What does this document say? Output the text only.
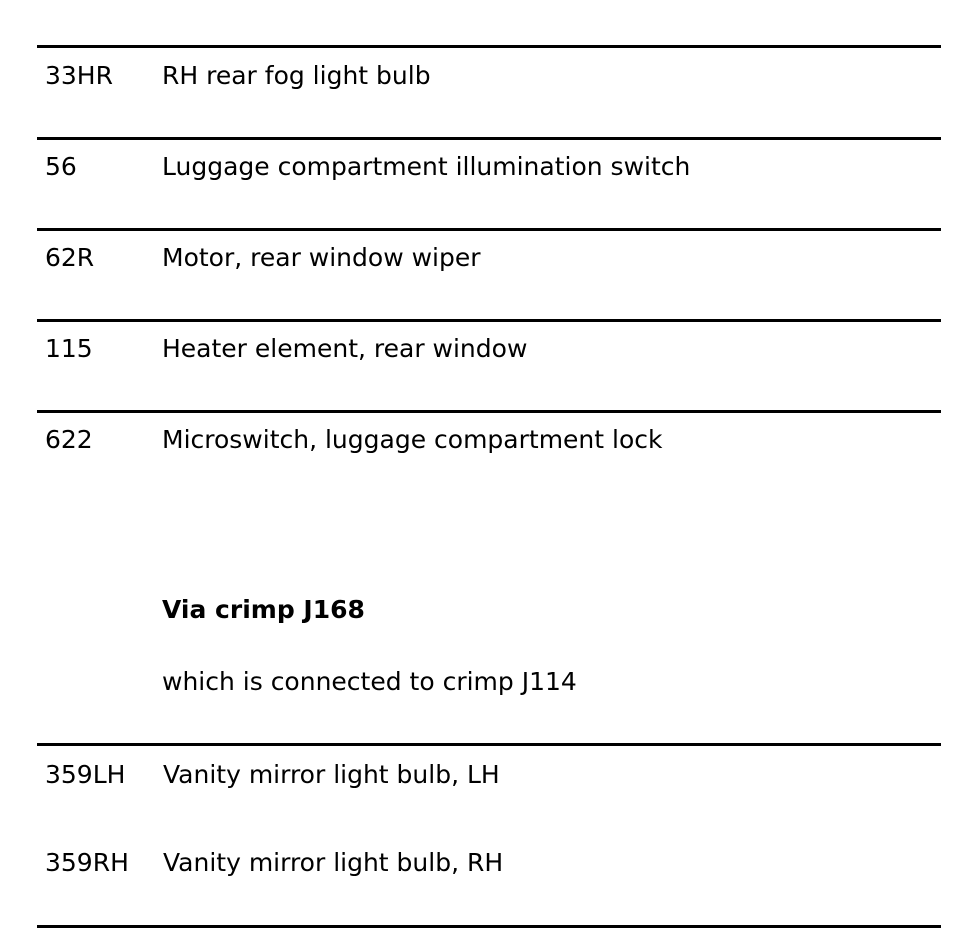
33HR RH rear fog light bulb
56	Luggage compartment illumination switch
62R	Motor, rear window wiper
115	Heater element, rear window
622	Microswitch, luggage compartment lock
Via crimp J168
which is connected to crimp J114
359LH Vanity mirror light bulb, LH
359RH Vanity mirror light bulb, RH
